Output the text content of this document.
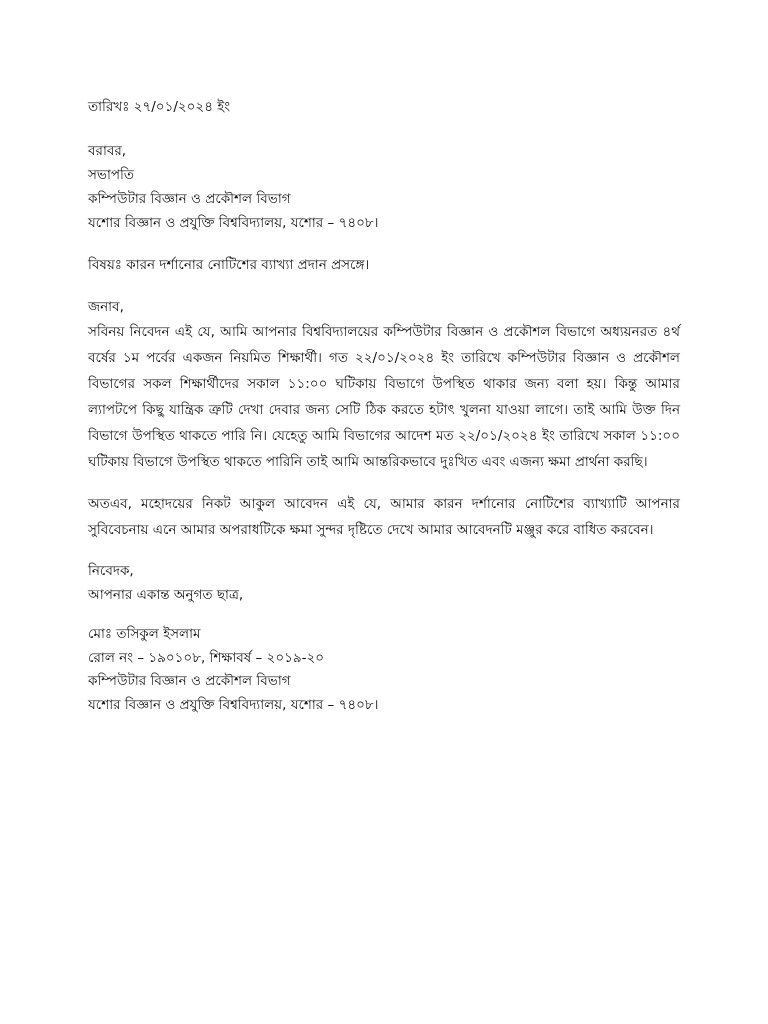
তারিখঃ ২৭/০১/২০২৪ ইং
বরাবর,
সভাপতি
কম্পিউটার বিজ্ঞান ও প্রকৌশল বিভাগ
যশোর বিজ্ঞান ও প্রযুক্তি বিশ্ববিদ্যালয়, যশোর – ৭৪০৮।
বিষয়ঃ কারন দর্শানোর নোটিশের ব্যাখ্যা প্রদান প্রসঙ্গে।
জনাব,
সবিনয় নিবেদন এই যে, আমি আপনার বিশ্ববিদ্যালয়ের কম্পিউটার বিজ্ঞান ও প্রকৌশল বিভাগে অধ্যয়নরত ৪র্থ বর্ষের ১ম পর্বের একজন নিয়মিত শিক্ষার্থী। গত ২২/০১/২০২৪ ইং তারিখে কম্পিউটার বিজ্ঞান ও প্রকৌশল বিভাগের সকল শিক্ষার্থীদের সকাল ১১:০০ ঘটিকায় বিভাগে উপস্থিত থাকার জন্য বলা হয়। কিন্তু আমার ল্যাপটপে কিছু যান্ত্রিক ত্রুটি দেখা দেবার জন্য সেটি ঠিক করতে হটাৎ খুলনা যাওয়া লাগে। তাই আমি উক্ত দিন বিভাগে উপস্থিত থাকতে পারি নি। যেহেতু আমি বিভাগের আদেশ মত ২২/০১/২০২৪ ইং তারিখে সকাল ১১:০০ ঘটিকায় বিভাগে উপস্থিত থাকতে পারিনি তাই আমি আন্তরিকভাবে দুঃখিত এবং এজন্য ক্ষমা প্রার্থনা করছি।
অতএব, মহোদয়ের নিকট আকুল আবেদন এই যে, আমার কারন দর্শানোর নোটিশের ব্যাখ্যাটি আপনার সুবিবেচনায় এনে আমার অপরাধটিকে ক্ষমা সুন্দর দৃষ্টিতে দেখে আমার আবেদনটি মঞ্জুর করে বাধিত করবেন।
নিবেদক,
আপনার একান্ত অনুগত ছাত্র,
মোঃ তসিকুল ইসলাম
রোল নং – ১৯০১০৮, শিক্ষাবর্ষ – ২০১৯-২০
কম্পিউটার বিজ্ঞান ও প্রকৌশল বিভাগ
যশোর বিজ্ঞান ও প্রযুক্তি বিশ্ববিদ্যালয়, যশোর – ৭৪০৮।
